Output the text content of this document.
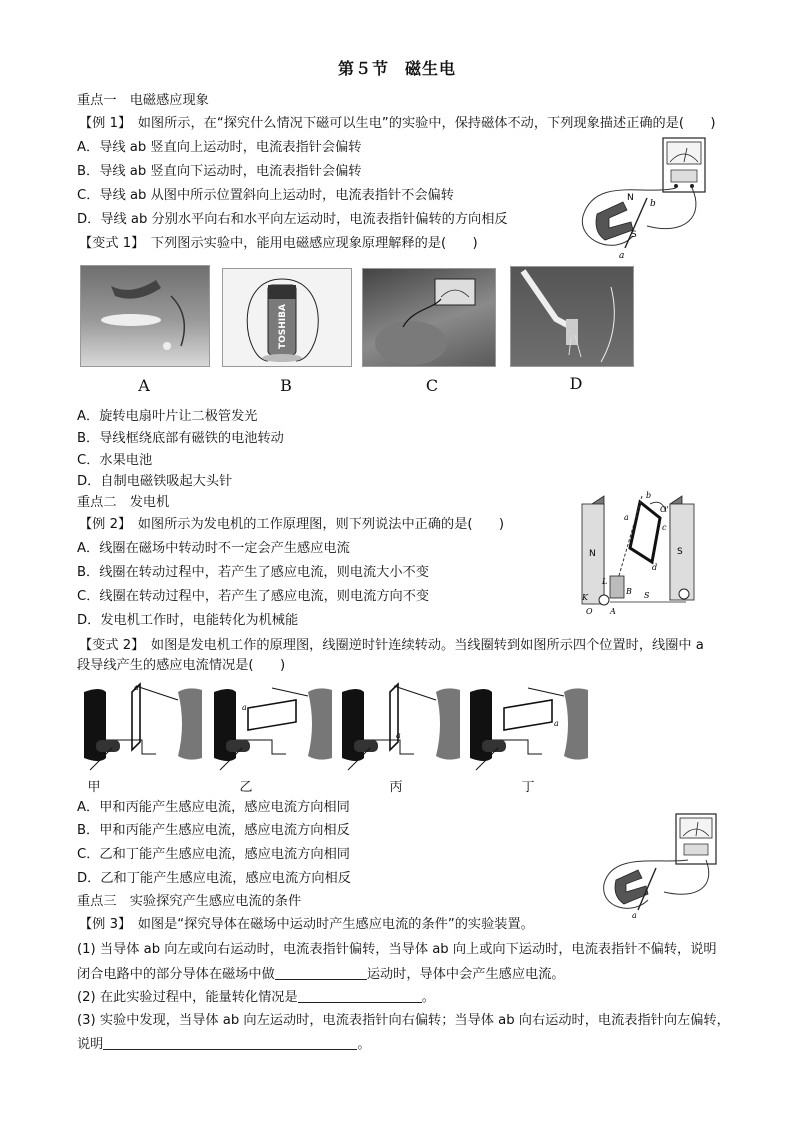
第５节 磁生电
重点一　电磁感应现象
【例 1】　如图所示，在“探究什么情况下磁可以生电”的实验中，保持磁体不动，下列现象描述正确的是(　　)
A．导线 ab 竖直向上运动时，电流表指针会偏转
B．导线 ab 竖直向下运动时，电流表指针会偏转
C．导线 ab 从图中所示位置斜向上运动时，电流表指针不会偏转
D．导线 ab 分别水平向右和水平向左运动时，电流表指针偏转的方向相反
【变式 1】　下列图示实验中，能用电磁感应现象原理解释的是(　　)
N
S
b
a
TOSHIBA
A	B	C	D
A．旋转电扇叶片让二极管发光
B．导线框绕底部有磁铁的电池转动
C．水果电池
D．自制电磁铁吸起大头针
重点二　发电机
【例 2】　如图所示为发电机的工作原理图，则下列说法中正确的是(　　)
A．线圈在磁场中转动时不一定会产生感应电流
B．线圈在转动过程中，若产生了感应电流，则电流大小不变
C．线圈在转动过程中，若产生了感应电流，则电流方向不变
D．发电机工作时，电能转化为机械能
N	S
b
a
c
d
O'
L
K
O A
B S
【变式 2】　如图是发电机工作的原理图，线圈逆时针连续转动。当线圈转到如图所示四个位置时，线圈中 a
段导线产生的感应电流情况是(　　)
a
a
a
a
甲	乙	丙	丁
A．甲和丙能产生感应电流，感应电流方向相同
B．甲和丙能产生感应电流，感应电流方向相反
C．乙和丁能产生感应电流，感应电流方向相同
D．乙和丁能产生感应电流，感应电流方向相反
a
重点三　实验探究产生感应电流的条件
【例 3】　如图是“探究导体在磁场中运动时产生感应电流的条件”的实验装置。
(1) 当导体 ab 向左或向右运动时，电流表指针偏转，当导体 ab 向上或向下运动时，电流表指针不偏转，说明
闭合电路中的部分导体在磁场中做	运动时，导体中会产生感应电流。
(2) 在此实验过程中，能量转化情况是	。
(3) 实验中发现，当导体 ab 向左运动时，电流表指针向右偏转；当导体 ab 向右运动时，电流表指针向左偏转，
说明	。
